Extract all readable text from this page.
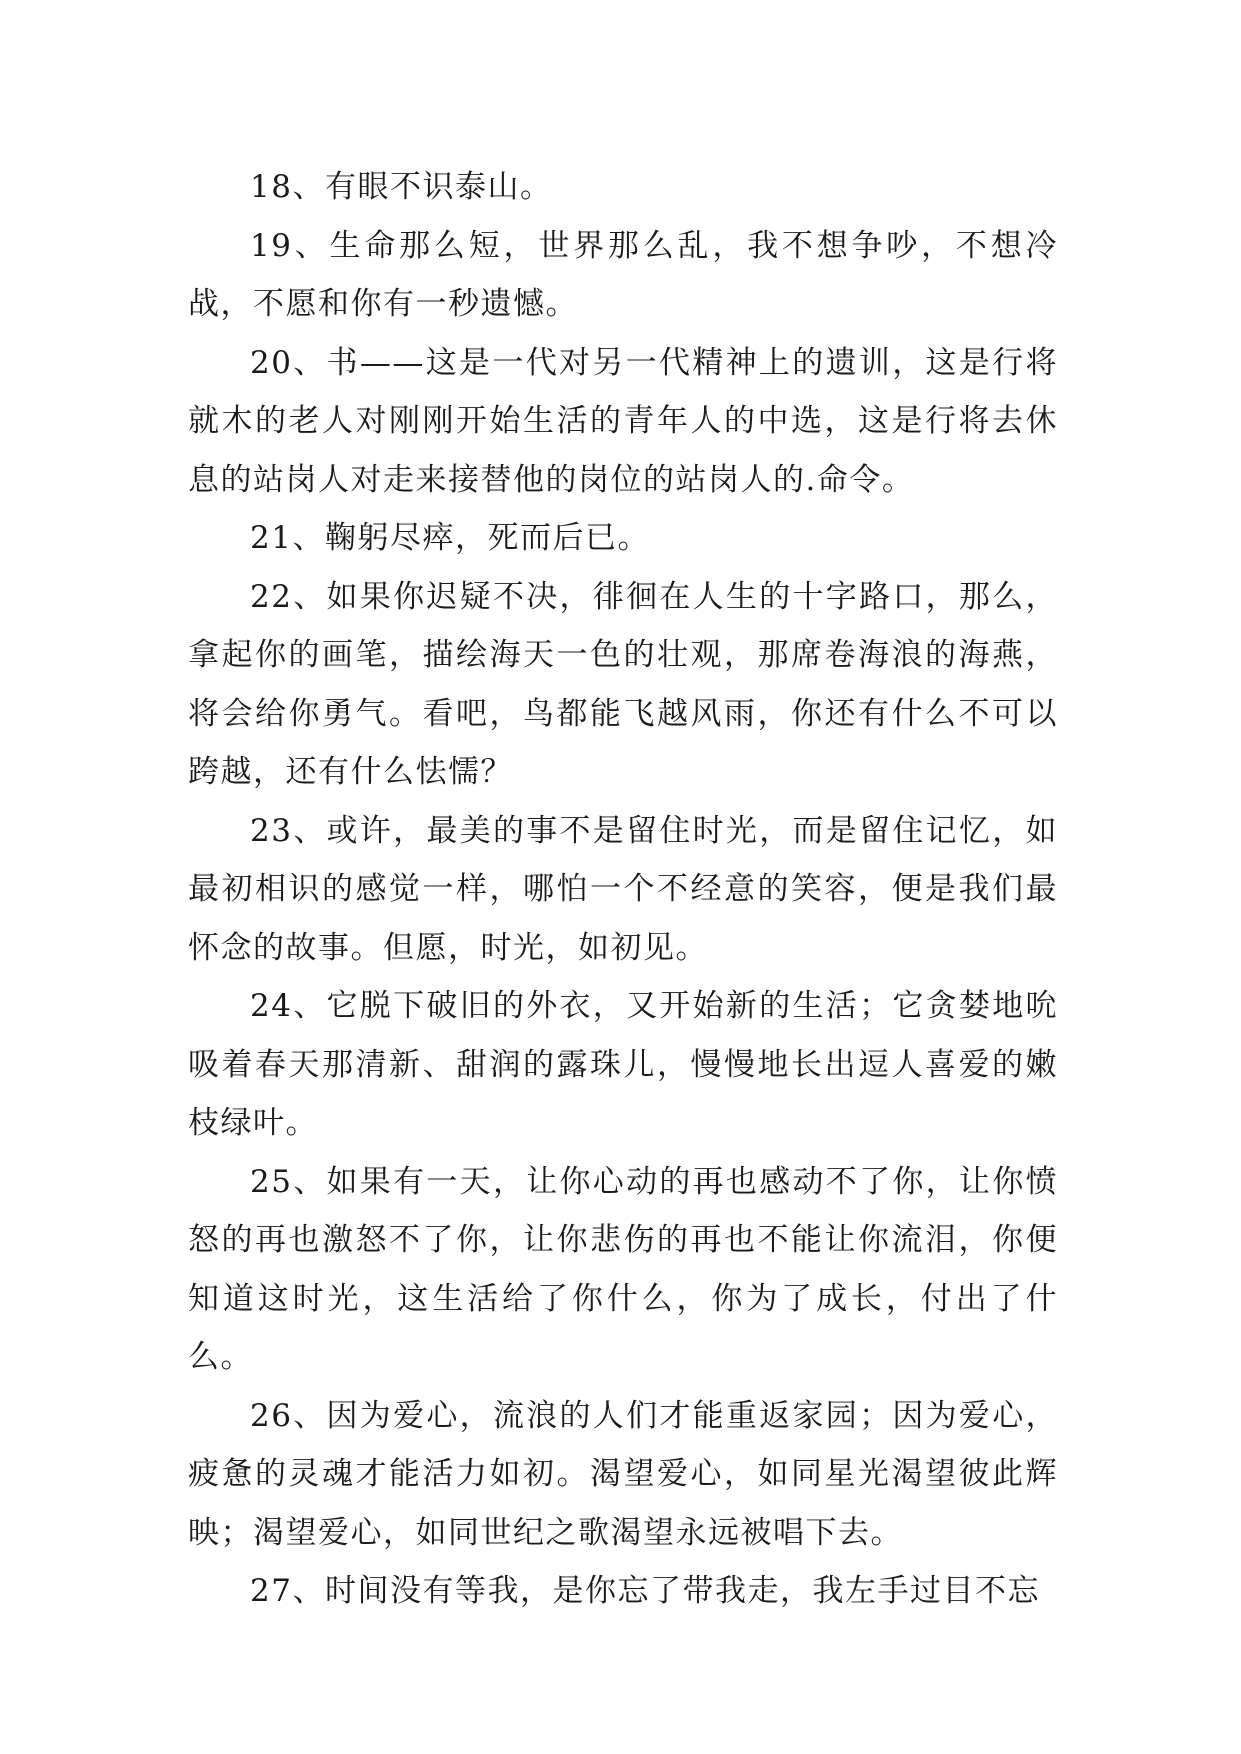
18、有眼不识泰山。

19、生命那么短，世界那么乱，我不想争吵，不想冷战，不愿和你有一秒遗憾。

20、书——这是一代对另一代精神上的遗训，这是行将就木的老人对刚刚开始生活的青年人的中选，这是行将去休息的站岗人对走来接替他的岗位的站岗人的.命令。

21、鞠躬尽瘁，死而后已。

22、如果你迟疑不决，徘徊在人生的十字路口，那么，拿起你的画笔，描绘海天一色的壮观，那席卷海浪的海燕，将会给你勇气。看吧，鸟都能飞越风雨，你还有什么不可以跨越，还有什么怯懦？

23、或许，最美的事不是留住时光，而是留住记忆，如最初相识的感觉一样，哪怕一个不经意的笑容，便是我们最怀念的故事。但愿，时光，如初见。

24、它脱下破旧的外衣，又开始新的生活；它贪婪地吮吸着春天那清新、甜润的露珠儿，慢慢地长出逗人喜爱的嫩枝绿叶。

25、如果有一天，让你心动的再也感动不了你，让你愤怒的再也激怒不了你，让你悲伤的再也不能让你流泪，你便知道这时光，这生活给了你什么，你为了成长，付出了什么。

26、因为爱心，流浪的人们才能重返家园；因为爱心，疲惫的灵魂才能活力如初。渴望爱心，如同星光渴望彼此辉映；渴望爱心，如同世纪之歌渴望永远被唱下去。

27、时间没有等我，是你忘了带我走，我左手过目不忘
